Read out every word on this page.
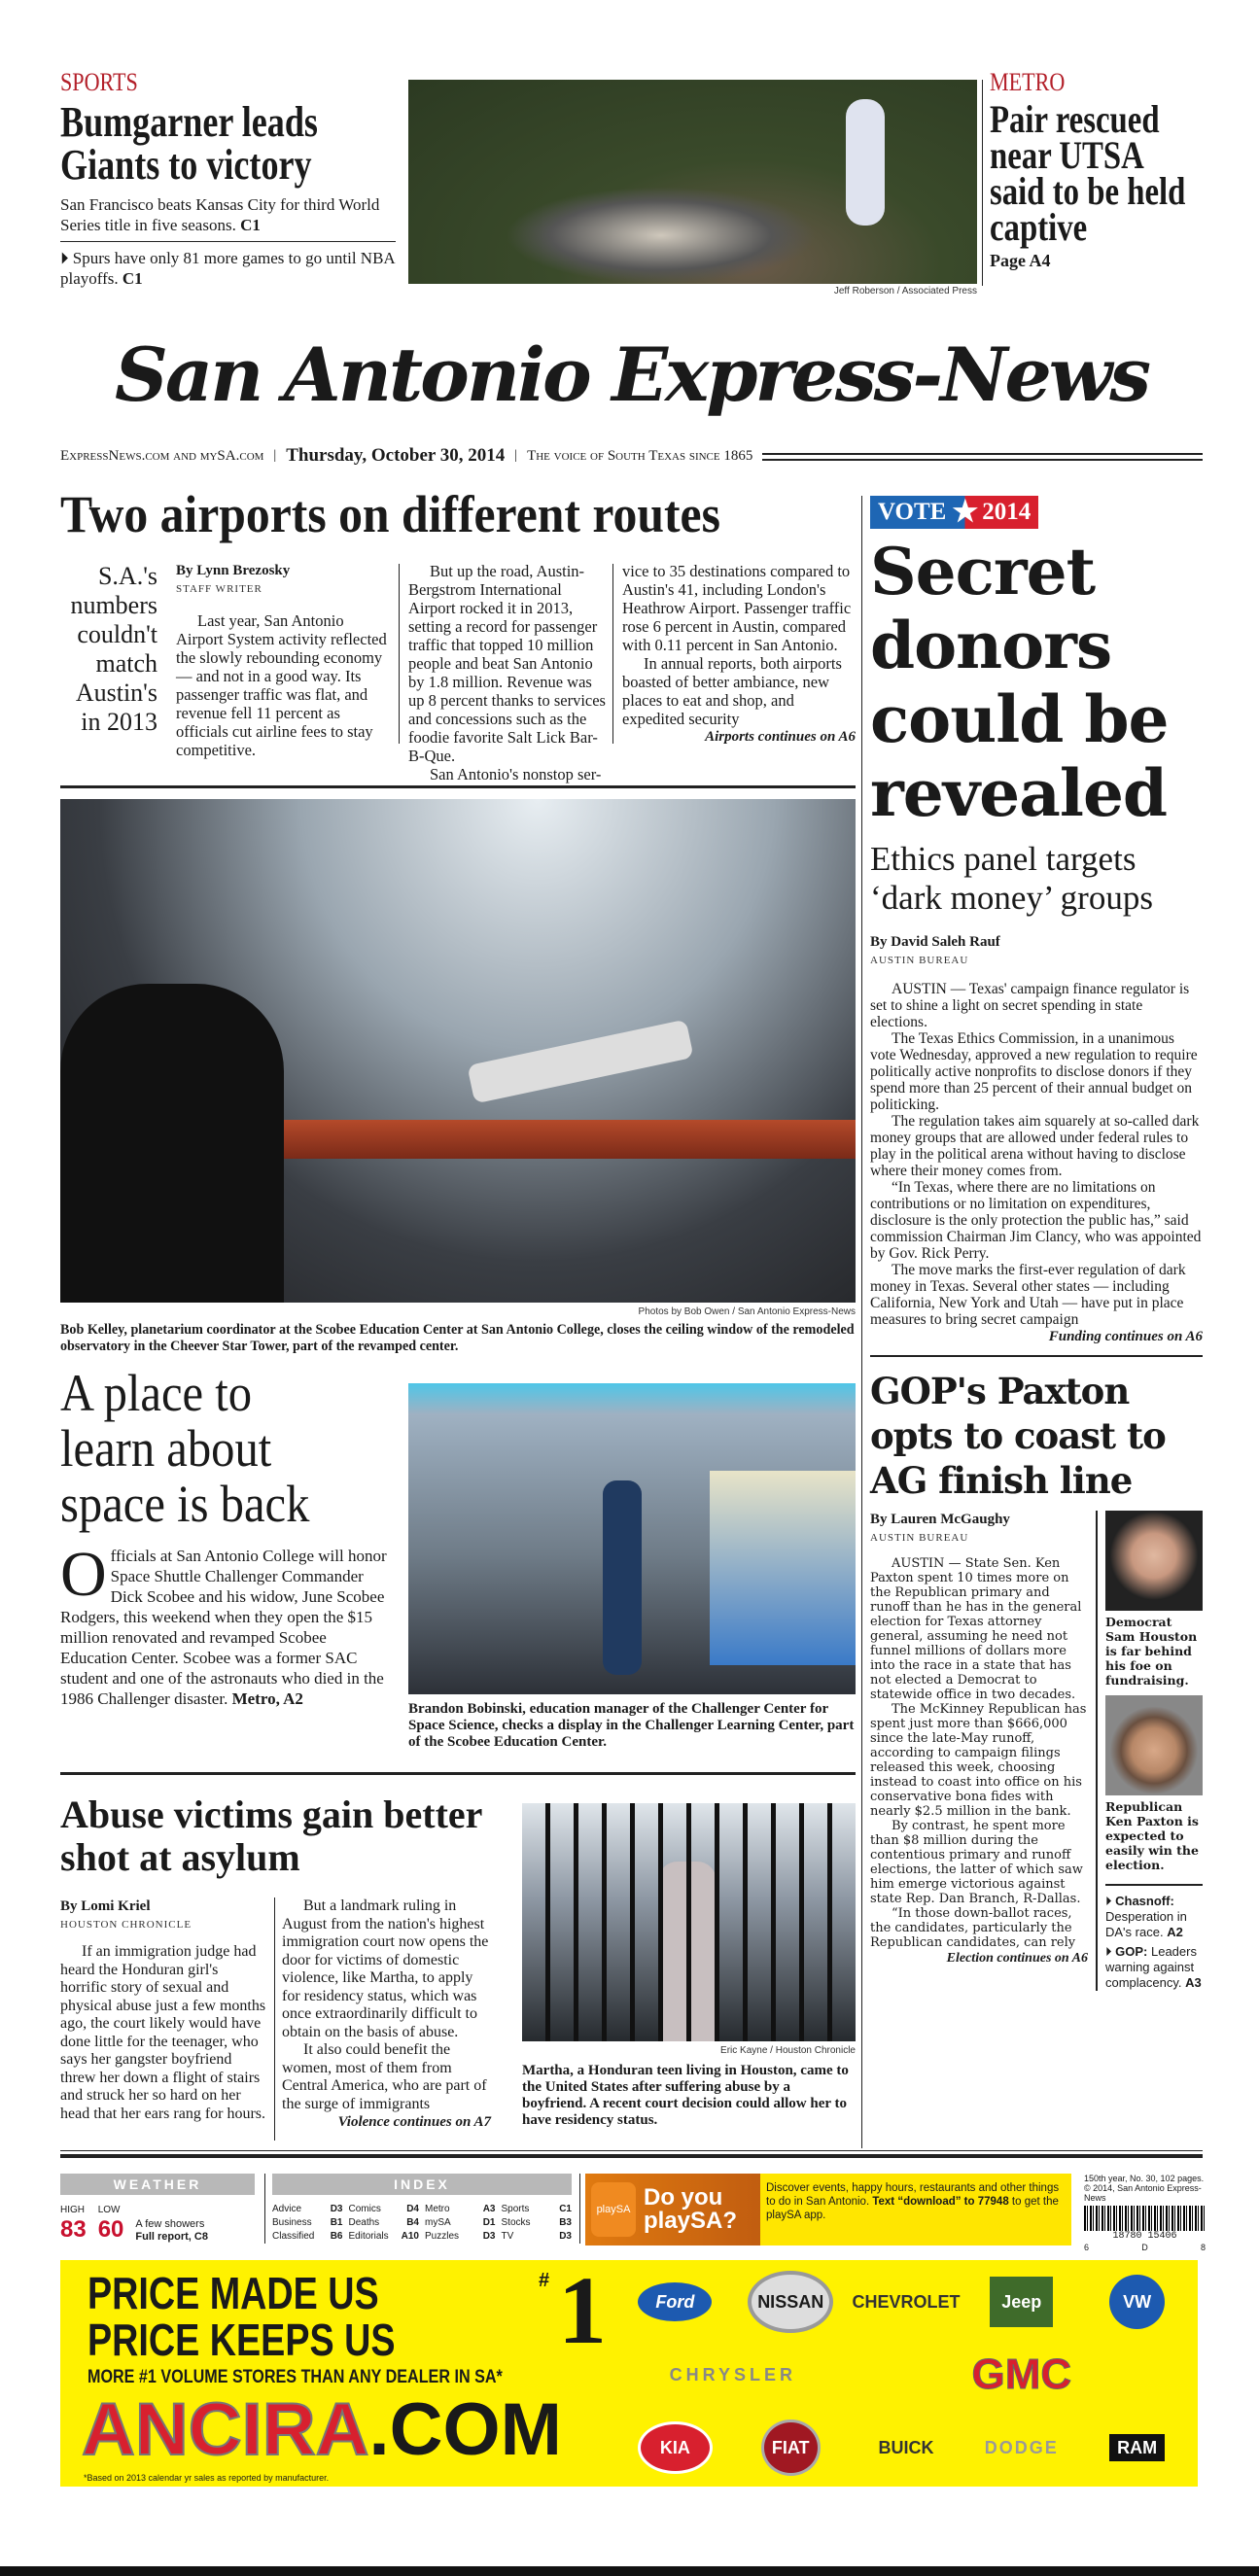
SPORTS
Bumgarner leads Giants to victory
San Francisco beats Kansas City for third World Series title in five seasons. C1
⏵ Spurs have only 81 more games to go until NBA playoffs. C1
Jeff Roberson / Associated Press
METRO
Pair rescued near UTSA said to be held captive
Page A4
San Antonio Express-News
ExpressNews.com and mySA.com | Thursday, October 30, 2014 | The voice of South Texas since 1865
Two airports on different routes
S.A.'s numbers couldn't match Austin's in 2013
By Lynn Brezosky
STAFF WRITER

Last year, San Antonio Airport System activity reflected the slowly rebounding economy — and not in a good way. Its passenger traffic was flat, and revenue fell 11 percent as officials cut airline fees to stay competitive.

But up the road, Austin-Bergstrom International Airport rocked it in 2013, setting a record for passenger traffic that topped 10 million people and beat San Antonio by 1.8 million. Revenue was up 8 percent thanks to services and concessions such as the foodie favorite Salt Lick Bar-B-Que.

San Antonio's nonstop ser-

vice to 35 destinations compared to Austin's 41, including London's Heathrow Airport. Passenger traffic rose 6 percent in Austin, compared with 0.11 percent in San Antonio.

In annual reports, both airports boasted of better ambiance, new places to eat and shop, and expedited security

Airports continues on A6
Photos by Bob Owen / San Antonio Express-News
Bob Kelley, planetarium coordinator at the Scobee Education Center at San Antonio College, closes the ceiling window of the remodeled observatory in the Cheever Star Tower, part of the revamped center.
A place to learn about space is back
Officials at San Antonio College will honor Space Shuttle Challenger Commander Dick Scobee and his widow, June Scobee Rodgers, this weekend when they open the $15 million renovated and revamped Scobee Education Center. Scobee was a former SAC student and one of the astronauts who died in the 1986 Challenger disaster. Metro, A2
Brandon Bobinski, education manager of the Challenger Center for Space Science, checks a display in the Challenger Learning Center, part of the Scobee Education Center.
Abuse victims gain better shot at asylum
By Lomi Kriel
HOUSTON CHRONICLE

If an immigration judge had heard the Honduran girl's horrific story of sexual and physical abuse just a few months ago, the court likely would have done little for the teenager, who says her gangster boyfriend threw her down a flight of stairs and struck her so hard on her head that her ears rang for hours.

But a landmark ruling in August from the nation's highest immigration court now opens the door for victims of domestic violence, like Martha, to apply for residency status, which was once extraordinarily difficult to obtain on the basis of abuse.

It also could benefit the women, most of them from Central America, who are part of the surge of immigrants

Violence continues on A7
Eric Kayne / Houston Chronicle
Martha, a Honduran teen living in Houston, came to the United States after suffering abuse by a boyfriend. A recent court decision could allow her to have residency status.
VOTE ★ 2014
Secret donors could be revealed
Ethics panel targets ‘dark money’ groups
By David Saleh Rauf
AUSTIN BUREAU

AUSTIN — Texas' campaign finance regulator is set to shine a light on secret spending in state elections.

The Texas Ethics Commission, in a unanimous vote Wednesday, approved a new regulation to require politically active nonprofits to disclose donors if they spend more than 25 percent of their annual budget on politicking.

The regulation takes aim squarely at so-called dark money groups that are allowed under federal rules to play in the political arena without having to disclose where their money comes from.

“In Texas, where there are no limitations on contributions or no limitation on expenditures, disclosure is the only protection the public has,” said commission Chairman Jim Clancy, who was appointed by Gov. Rick Perry.

The move marks the first-ever regulation of dark money in Texas. Several other states — including California, New York and Utah — have put in place measures to bring secret campaign

Funding continues on A6
GOP's Paxton opts to coast to AG finish line
By Lauren McGaughy
AUSTIN BUREAU

AUSTIN — State Sen. Ken Paxton spent 10 times more on the Republican primary and runoff than he has in the general election for Texas attorney general, assuming he need not funnel millions of dollars more into the race in a state that has not elected a Democrat to statewide office in two decades.

The McKinney Republican has spent just more than $666,000 since the late-May runoff, according to campaign filings released this week, choosing instead to coast into office on his conservative bona fides with nearly $2.5 million in the bank.

By contrast, he spent more than $8 million during the contentious primary and runoff elections, the latter of which saw him emerge victorious against state Rep. Dan Branch, R-Dallas.

“In those down-ballot races, the candidates, particularly the Republican candidates, can rely

Election continues on A6
Democrat Sam Houston is far behind his foe on fundraising.
Republican Ken Paxton is expected to easily win the election.
⏵ Chasnoff: Desperation in DA's race. A2
⏵ GOP: Leaders warning against complacency. A3
WEATHER
HIGH
83
LOW
60 A few showers
Full report, C8
INDEX
Advice	D3 Comics	D4 Metro	A3 Sports	C1
Business B1 Deaths	B4 mySA	D1 Stocks	B3
Classified B6 Editorials A10 Puzzles D3 TV	D3
playSA Do you playSA?
Discover events, happy hours, restaurants and other things to do in San Antonio. Text “download” to 77948 to get the playSA app.
150th year, No. 30, 102 pages. © 2014, San Antonio Express-News
18780 15406
6	D	8
PRICE MADE US
PRICE KEEPS US
# 1
MORE #1 VOLUME STORES THAN ANY DEALER IN SA*
ANCIRA.COM
*Based on 2013 calendar yr sales as reported by manufacturer.
Ford	NISSAN	CHEVROLET	Jeep	VW
CHRYSLER	GMC
KIA	FIAT	BUICK	DODGE	RAM
